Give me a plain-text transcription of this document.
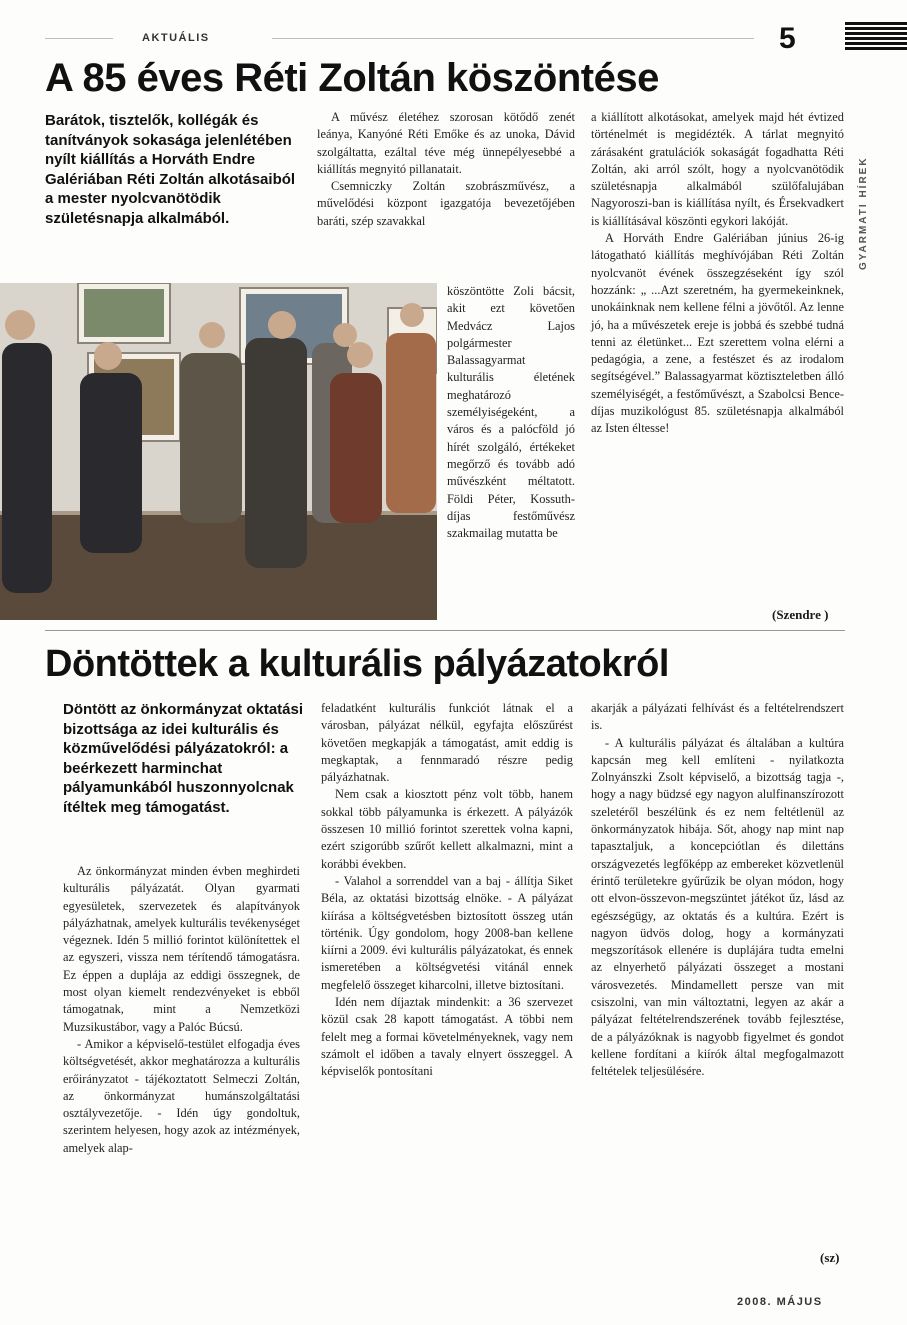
AKTUÁLIS	5
GYARMATI HÍREK
A 85 éves Réti Zoltán köszöntése
Barátok, tisztelők, kollégák és tanítványok sokasága jelenlétében nyílt kiállítás a Horváth Endre Galériában Réti Zoltán alkotásaiból a mester nyolcvanötödik születésnapja alkalmából.

A művész életéhez szorosan kötődő zenét leánya, Kanyóné Réti Emőke és az unoka, Dávid szolgáltatta, ezáltal téve még ünnepélyesebbé a kiállítás megnyitó pillanatait.

Csemniczky Zoltán szobrászművész, a művelődési központ igazgatója bevezetőjében baráti, szép szavakkal

köszöntötte Zoli bácsit, akit ezt követően Medvácz Lajos polgármester Balassagyarmat kulturális életének meghatározó személyiségeként, a város és a palócföld jó hírét szolgáló, értékeket megőrző és tovább adó művészként méltatott. Földi Péter, Kossuth-díjas festőművész szakmailag mutatta be

a kiállított alkotásokat, amelyek majd hét évtized történelmét is megidézték. A tárlat megnyitó zárásaként gratulációk sokaságát fogadhatta Réti Zoltán, aki arról szólt, hogy a nyolcvanötödik születésnapja alkalmából szülőfalujában Nagyoroszi-ban is kiállítása nyílt, és Érsekvadkert is kiállításával köszönti egykori lakóját.

A Horváth Endre Galériában június 26-ig látogatható kiállítás meghívójában Réti Zoltán nyolcvanöt évének összegzéseként így szól hozzánk: „ ...Azt szeretném, ha gyermekeinknek, unokáinknak nem kellene félni a jövőtől. Az lenne jó, ha a művészetek ereje is jobbá és szebbé tudná tenni az életünket... Ezt szerettem volna elérni a pedagógia, a zene, a festészet és az irodalom segítségével.” Balassagyarmat köztiszteletben álló személyiségét, a festőművészt, a Szabolcsi Bence-díjas muzikológust 85. születésnapja alkalmából az Isten éltesse!

(Szendre )
Döntöttek a kulturális pályázatokról
Döntött az önkormányzat oktatási bizottsága az idei kulturális és közművelődési pályázatokról: a beérkezett harminchat pályamunkából huszonnyolcnak ítéltek meg támogatást.

Az önkormányzat minden évben meghirdeti kulturális pályázatát. Olyan gyarmati egyesületek, szervezetek és alapítványok pályázhatnak, amelyek kulturális tevékenységet végeznek. Idén 5 millió forintot különítettek el az egyszeri, vissza nem térítendő támogatásra. Ez éppen a duplája az eddigi összegnek, de most olyan kiemelt rendezvényeket is ebből támogatnak, mint a Nemzetközi Muzsikustábor, vagy a Palóc Búcsú.

- Amikor a képviselő-testület elfogadja éves költségvetését, akkor meghatározza a kulturális erőirányzatot - tájékoztatott Selmeczi Zoltán, az önkormányzat humánszolgáltatási osztályvezetője. - Idén úgy gondoltuk, szerintem helyesen, hogy azok az intézmények, amelyek alap-

feladatként kulturális funkciót látnak el a városban, pályázat nélkül, egyfajta előszűrést követően megkapják a támogatást, amit eddig is megkaptak, a fennmaradó részre pedig pályázhatnak.

Nem csak a kiosztott pénz volt több, hanem sokkal több pályamunka is érkezett. A pályázók összesen 10 millió forintot szerettek volna kapni, ezért szigorúbb szűrőt kellett alkalmazni, mint a korábbi években.

- Valahol a sorrenddel van a baj - állítja Siket Béla, az oktatási bizottság elnöke. - A pályázat kiírása a költségvetésben biztosított összeg után történik. Úgy gondolom, hogy 2008-ban kellene kiírni a 2009. évi kulturális pályázatokat, és ennek ismeretében a költségvetési vitánál ennek megfelelő összeget kiharcolni, illetve biztosítani.

Idén nem díjaztak mindenkit: a 36 szervezet közül csak 28 kapott támogatást. A többi nem felelt meg a formai követelményeknek, vagy nem számolt el időben a tavaly elnyert összeggel. A képviselők pontosítani

akarják a pályázati felhívást és a feltételrendszert is.

- A kulturális pályázat és általában a kultúra kapcsán meg kell említeni - nyilatkozta Zolnyánszki Zsolt képviselő, a bizottság tagja -, hogy a nagy büdzsé egy nagyon alulfinanszírozott szeletéről beszélünk és ez nem feltétlenül az önkormányzatok hibája. Sőt, ahogy nap mint nap tapasztaljuk, a koncepciótlan és dilettáns országvezetés legfőképp az embereket közvetlenül érintő területekre gyűrűzik be olyan módon, hogy ott elvon-összevon-megszüntet játékot űz, lásd az egészségügy, az oktatás és a kultúra. Ezért is nagyon üdvös dolog, hogy a kormányzati megszorítások ellenére is duplájára tudta emelni az elnyerhető pályázati összeget a mostani városvezetés. Mindamellett persze van mit csiszolni, van min változtatni, legyen az akár a pályázat feltételrendszerének tovább fejlesztése, de a pályázóknak is nagyobb figyelmet és gondot kellene fordítani a kiírók által megfogalmazott feltételek teljesülésére.

(sz)
2008. MÁJUS
